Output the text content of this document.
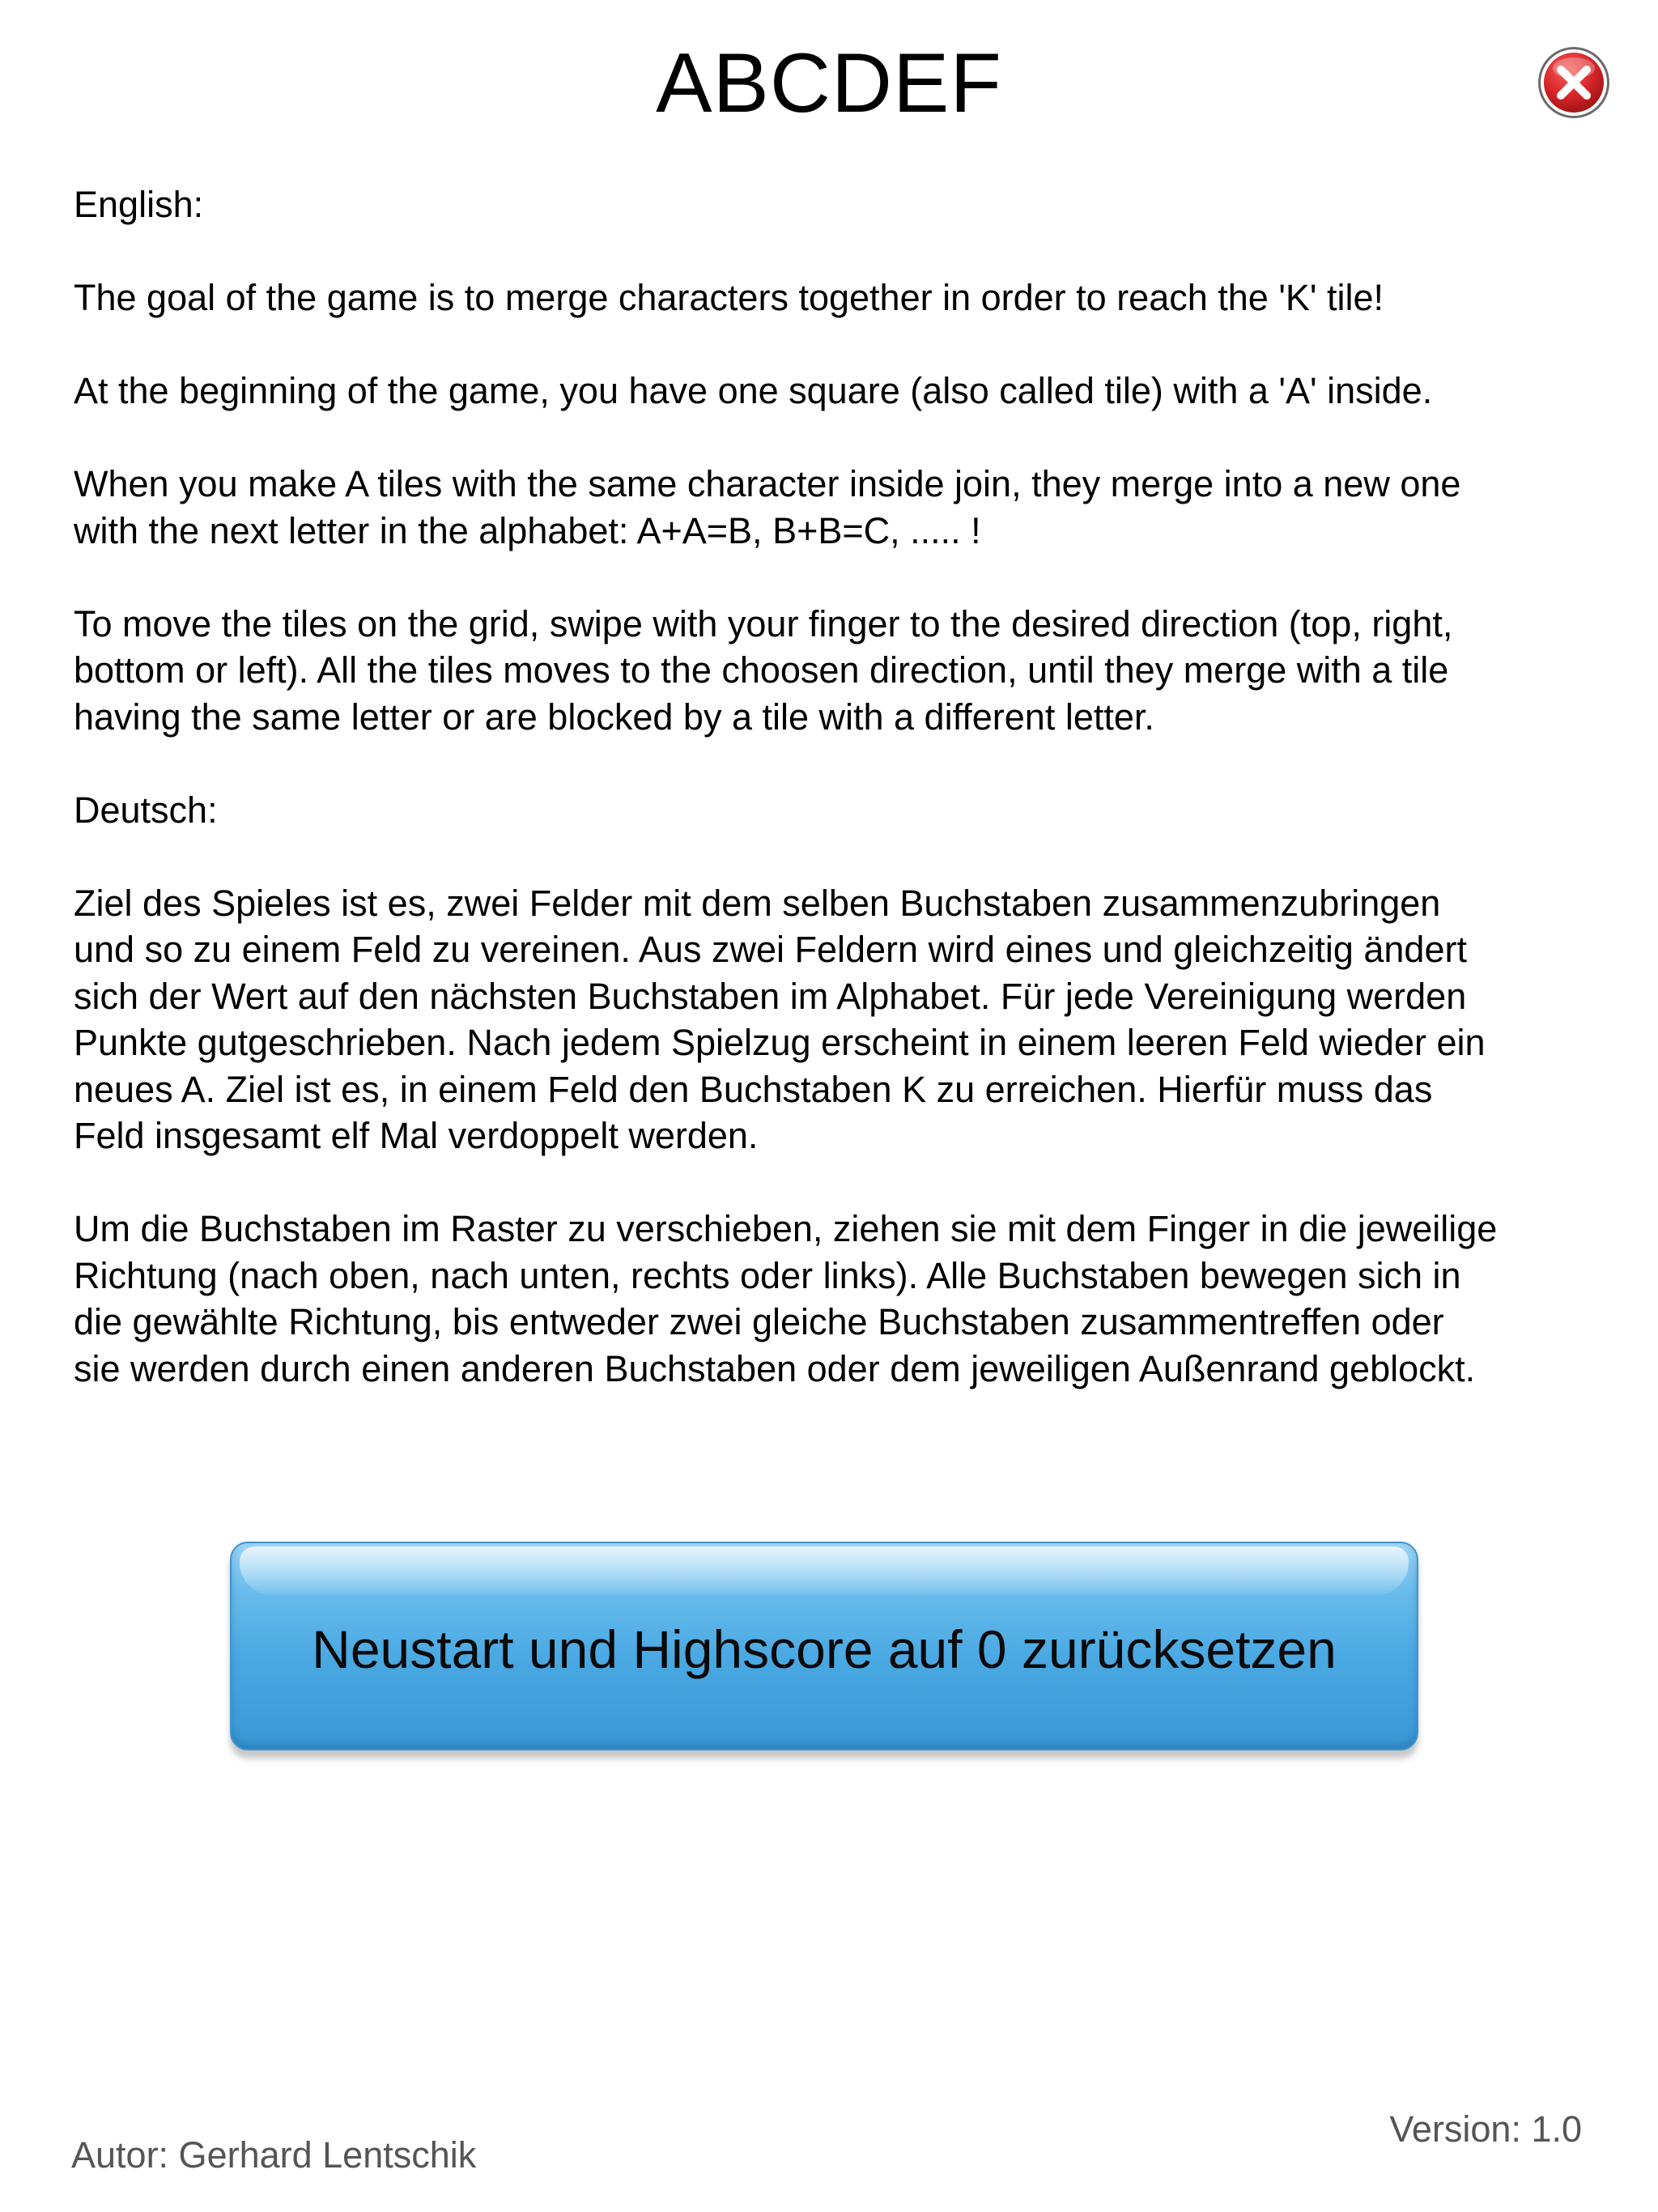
ABCDEF

English:

The goal of the game is to merge characters together in order to reach the 'K' tile!

At the beginning of the game, you have one square (also called tile) with a 'A' inside.

When you make A tiles with the same character inside join, they merge into a new one
with the next letter in the alphabet: A+A=B, B+B=C, ..... !

To move the tiles on the grid, swipe with your finger to the desired direction (top, right,
bottom or left). All the tiles moves to the choosen direction, until they merge with a tile
having the same letter or are blocked by a tile with a different letter.

Deutsch:

Ziel des Spieles ist es, zwei Felder mit dem selben Buchstaben zusammenzubringen
und so zu einem Feld zu vereinen. Aus zwei Feldern wird eines und gleichzeitig ändert
sich der Wert auf den nächsten Buchstaben im Alphabet. Für jede Vereinigung werden
Punkte gutgeschrieben. Nach jedem Spielzug erscheint in einem leeren Feld wieder ein
neues A. Ziel ist es, in einem Feld den Buchstaben K zu erreichen. Hierfür muss das
Feld insgesamt elf Mal verdoppelt werden.

Um die Buchstaben im Raster zu verschieben, ziehen sie mit dem Finger in die jeweilige
Richtung (nach oben, nach unten, rechts oder links). Alle Buchstaben bewegen sich in
die gewählte Richtung, bis entweder zwei gleiche Buchstaben zusammentreffen oder
sie werden durch einen anderen Buchstaben oder dem jeweiligen Außenrand geblockt.

Neustart und Highscore auf 0 zurücksetzen
Version: 1.0
Autor: Gerhard Lentschik
